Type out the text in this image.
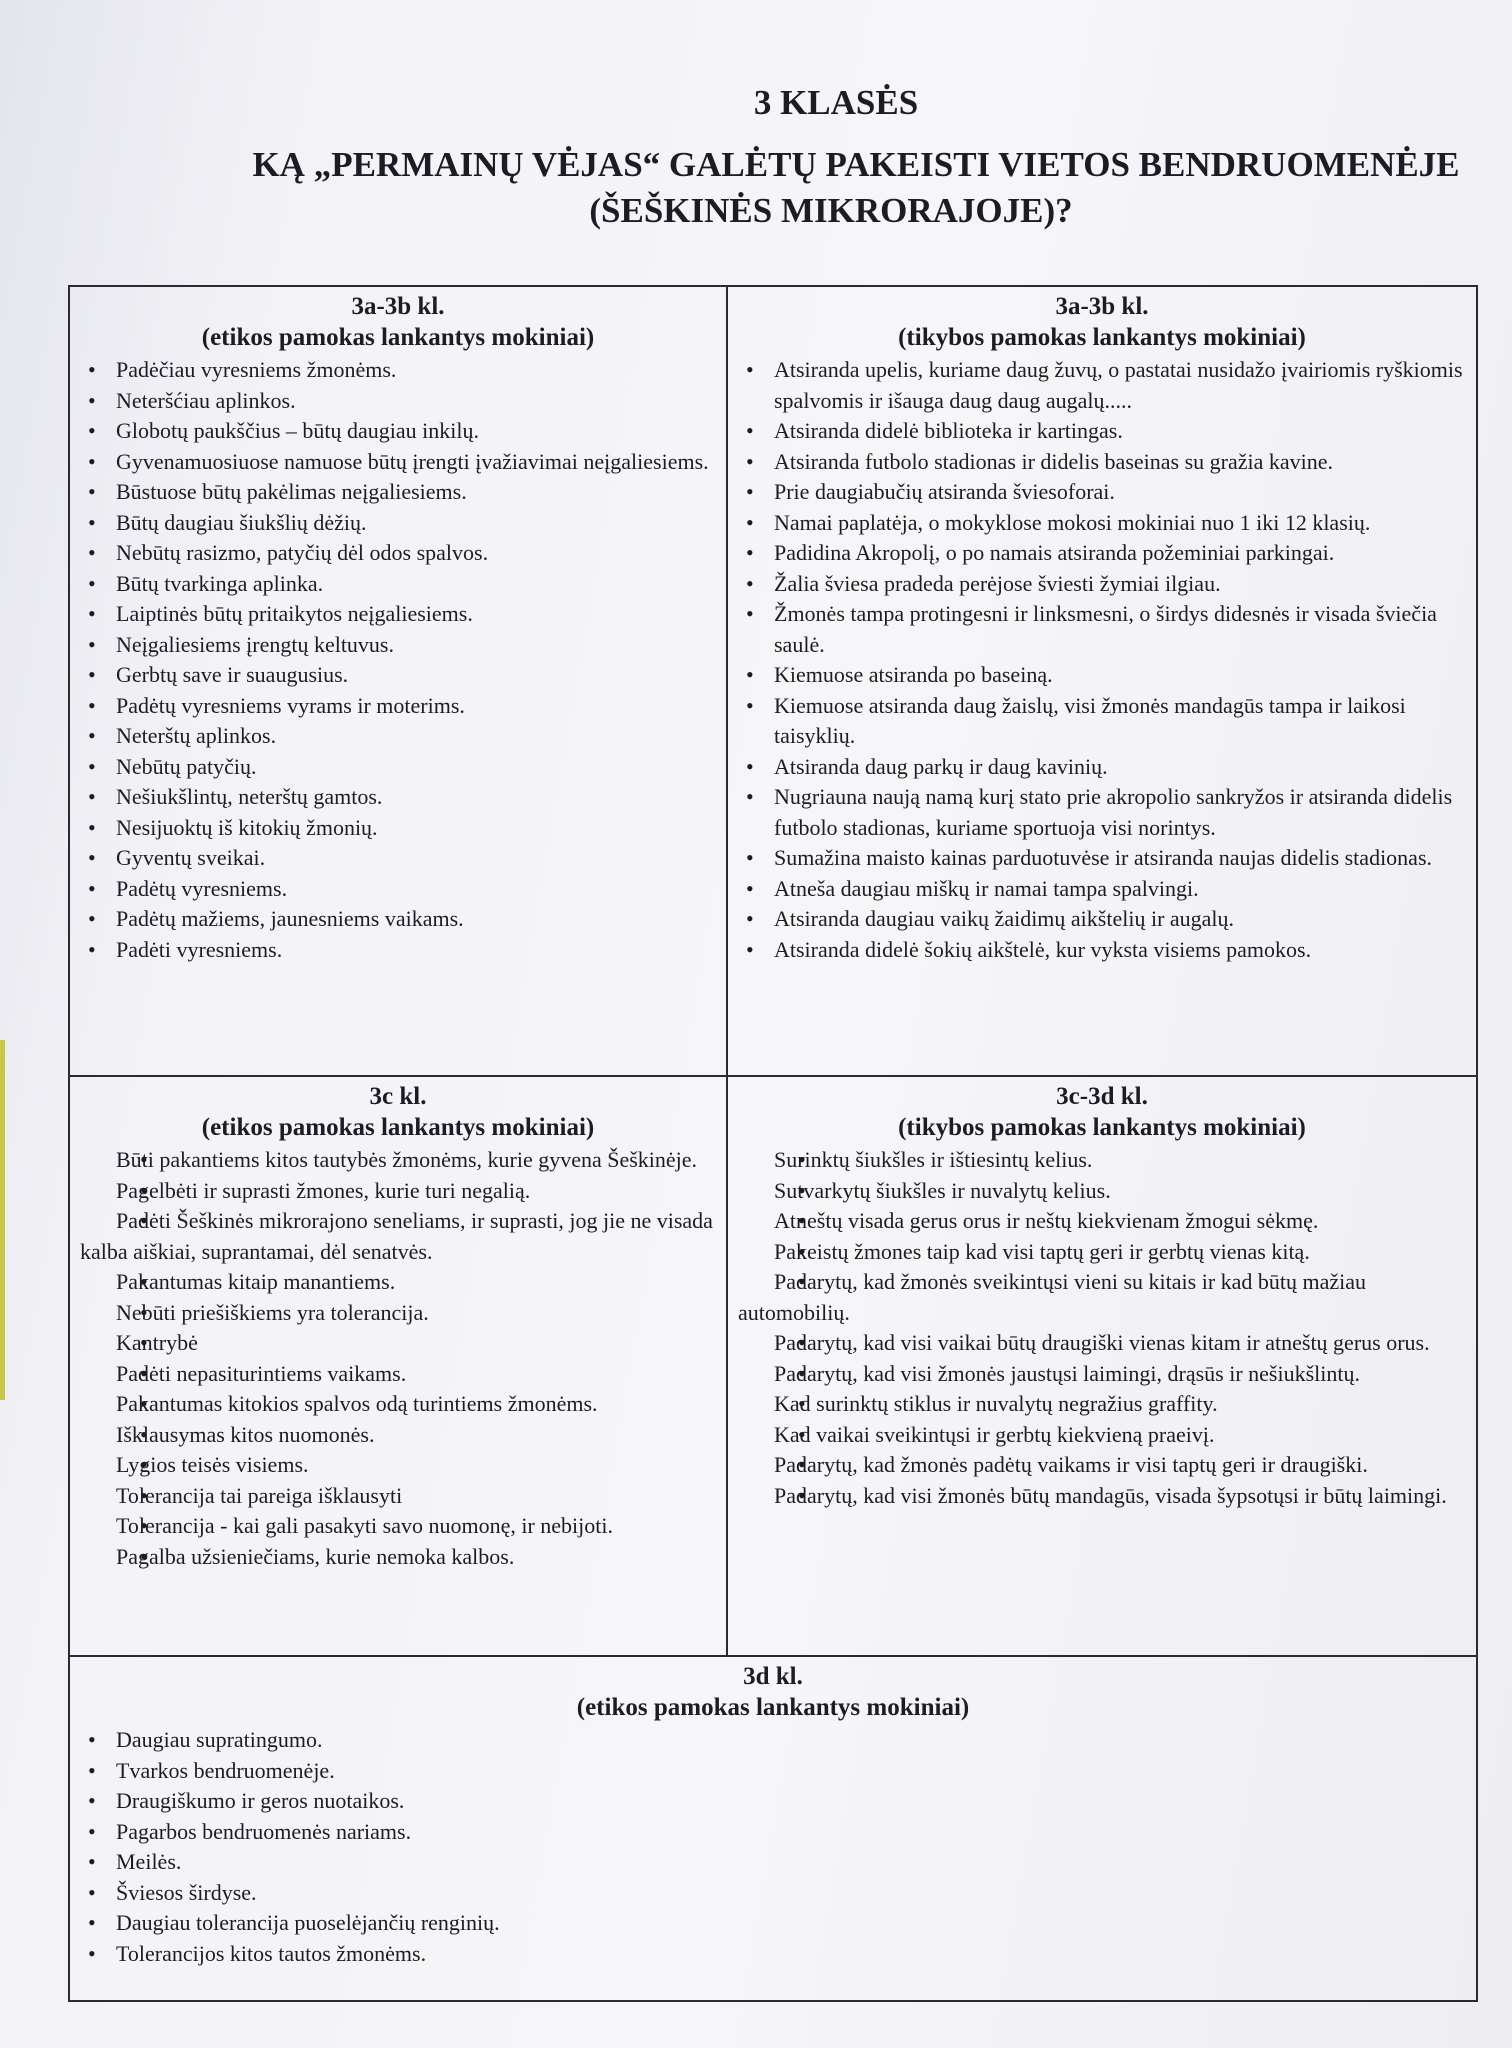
3 KLASĖS

KĄ „PERMAINŲ VĖJAS“ GALĖTŲ PAKEISTI VIETOS BENDRUOMENĖJE

(ŠEŠKINĖS MIKRORAJOJE)?

3a-3b kl.
(etikos pamokas lankantys mokiniai)
• Padėčiau vyresniems žmonėms.
• Neteršćiau aplinkos.
• Globotų paukščius – būtų daugiau inkilų.
• Gyvenamuosiuose namuose būtų įrengti įvažiavimai neįgaliesiems.
• Būstuose būtų pakėlimas neįgaliesiems.
• Būtų daugiau šiukšlių dėžių.
• Nebūtų rasizmo, patyčių dėl odos spalvos.
• Būtų tvarkinga aplinka.
• Laiptinės būtų pritaikytos neįgaliesiems.
• Neįgaliesiems įrengtų keltuvus.
• Gerbtų save ir suaugusius.
• Padėtų vyresniems vyrams ir moterims.
• Neterštų aplinkos.
• Nebūtų patyčių.
• Nešiukšlintų, neterštų gamtos.
• Nesijuoktų iš kitokių žmonių.
• Gyventų sveikai.
• Padėtų vyresniems.
• Padėtų mažiems, jaunesniems vaikams.
• Padėti vyresniems.
3a-3b kl.
(tikybos pamokas lankantys mokiniai)
• Atsiranda upelis, kuriame daug žuvų, o pastatai nusidažo įvairiomis ryškiomis spalvomis ir išauga daug daug augalų.....
• Atsiranda didelė biblioteka ir kartingas.
• Atsiranda futbolo stadionas ir didelis baseinas su gražia kavine.
• Prie daugiabučių atsiranda šviesoforai.
• Namai paplatėja, o mokyklose mokosi mokiniai nuo 1 iki 12 klasių.
• Padidina Akropolį, o po namais atsiranda požeminiai parkingai.
• Žalia šviesa pradeda perėjose šviesti žymiai ilgiau.
• Žmonės tampa protingesni ir linksmesni, o širdys didesnės ir visada šviečia saulė.
• Kiemuose atsiranda po baseiną.
• Kiemuose atsiranda daug žaislų, visi žmonės mandagūs tampa ir laikosi taisyklių.
• Atsiranda daug parkų ir daug kavinių.
• Nugriauna naują namą kurį stato prie akropolio sankryžos ir atsiranda didelis futbolo stadionas, kuriame sportuoja visi norintys.
• Sumažina maisto kainas parduotuvėse ir atsiranda naujas didelis stadionas.
• Atneša daugiau miškų ir namai tampa spalvingi.
• Atsiranda daugiau vaikų žaidimų aikštelių ir augalų.
• Atsiranda didelė šokių aikštelė, kur vyksta visiems pamokos.
3c kl.
(etikos pamokas lankantys mokiniai)
• Būti pakantiems kitos tautybės žmonėms, kurie gyvena Šeškinėje.
• Pagelbėti ir suprasti žmones, kurie turi negalią.
• Padėti Šeškinės mikrorajono seneliams, ir suprasti, jog jie ne visada kalba aiškiai, suprantamai, dėl senatvės.
• Pakantumas kitaip manantiems.
• Nebūti priešiškiems yra tolerancija.
• Kantrybė
• Padėti nepasiturintiems vaikams.
• Pakantumas kitokios spalvos odą turintiems žmonėms.
• Išklausymas kitos nuomonės.
• Lygios teisės visiems.
• Tolerancija tai pareiga išklausyti
• Tolerancija - kai gali pasakyti savo nuomonę, ir nebijoti.
• Pagalba užsieniečiams, kurie nemoka kalbos.
3c-3d kl.
(tikybos pamokas lankantys mokiniai)
• Surinktų šiukšles ir ištiesintų kelius.
• Sutvarkytų šiukšles ir nuvalytų kelius.
• Atneštų visada gerus orus ir neštų kiekvienam žmogui sėkmę.
• Pakeistų žmones taip kad visi taptų geri ir gerbtų vienas kitą.
• Padarytų, kad žmonės sveikintųsi vieni su kitais ir kad būtų mažiau automobilių.
• Padarytų, kad visi vaikai būtų draugiški vienas kitam ir atneštų gerus orus.
• Padarytų, kad visi žmonės jaustųsi laimingi, drąsūs ir nešiukšlintų.
• Kad surinktų stiklus ir nuvalytų negražius graffity.
• Kad vaikai sveikintųsi ir gerbtų kiekvieną praeivį.
• Padarytų, kad žmonės padėtų vaikams ir visi taptų geri ir draugiški.
• Padarytų, kad visi žmonės būtų mandagūs, visada šypsotųsi ir būtų laimingi.
3d kl.
(etikos pamokas lankantys mokiniai)
• Daugiau supratingumo.
• Tvarkos bendruomenėje.
• Draugiškumo ir geros nuotaikos.
• Pagarbos bendruomenės nariams.
• Meilės.
• Šviesos širdyse.
• Daugiau tolerancija puoselėjančių renginių.
• Tolerancijos kitos tautos žmonėms.
